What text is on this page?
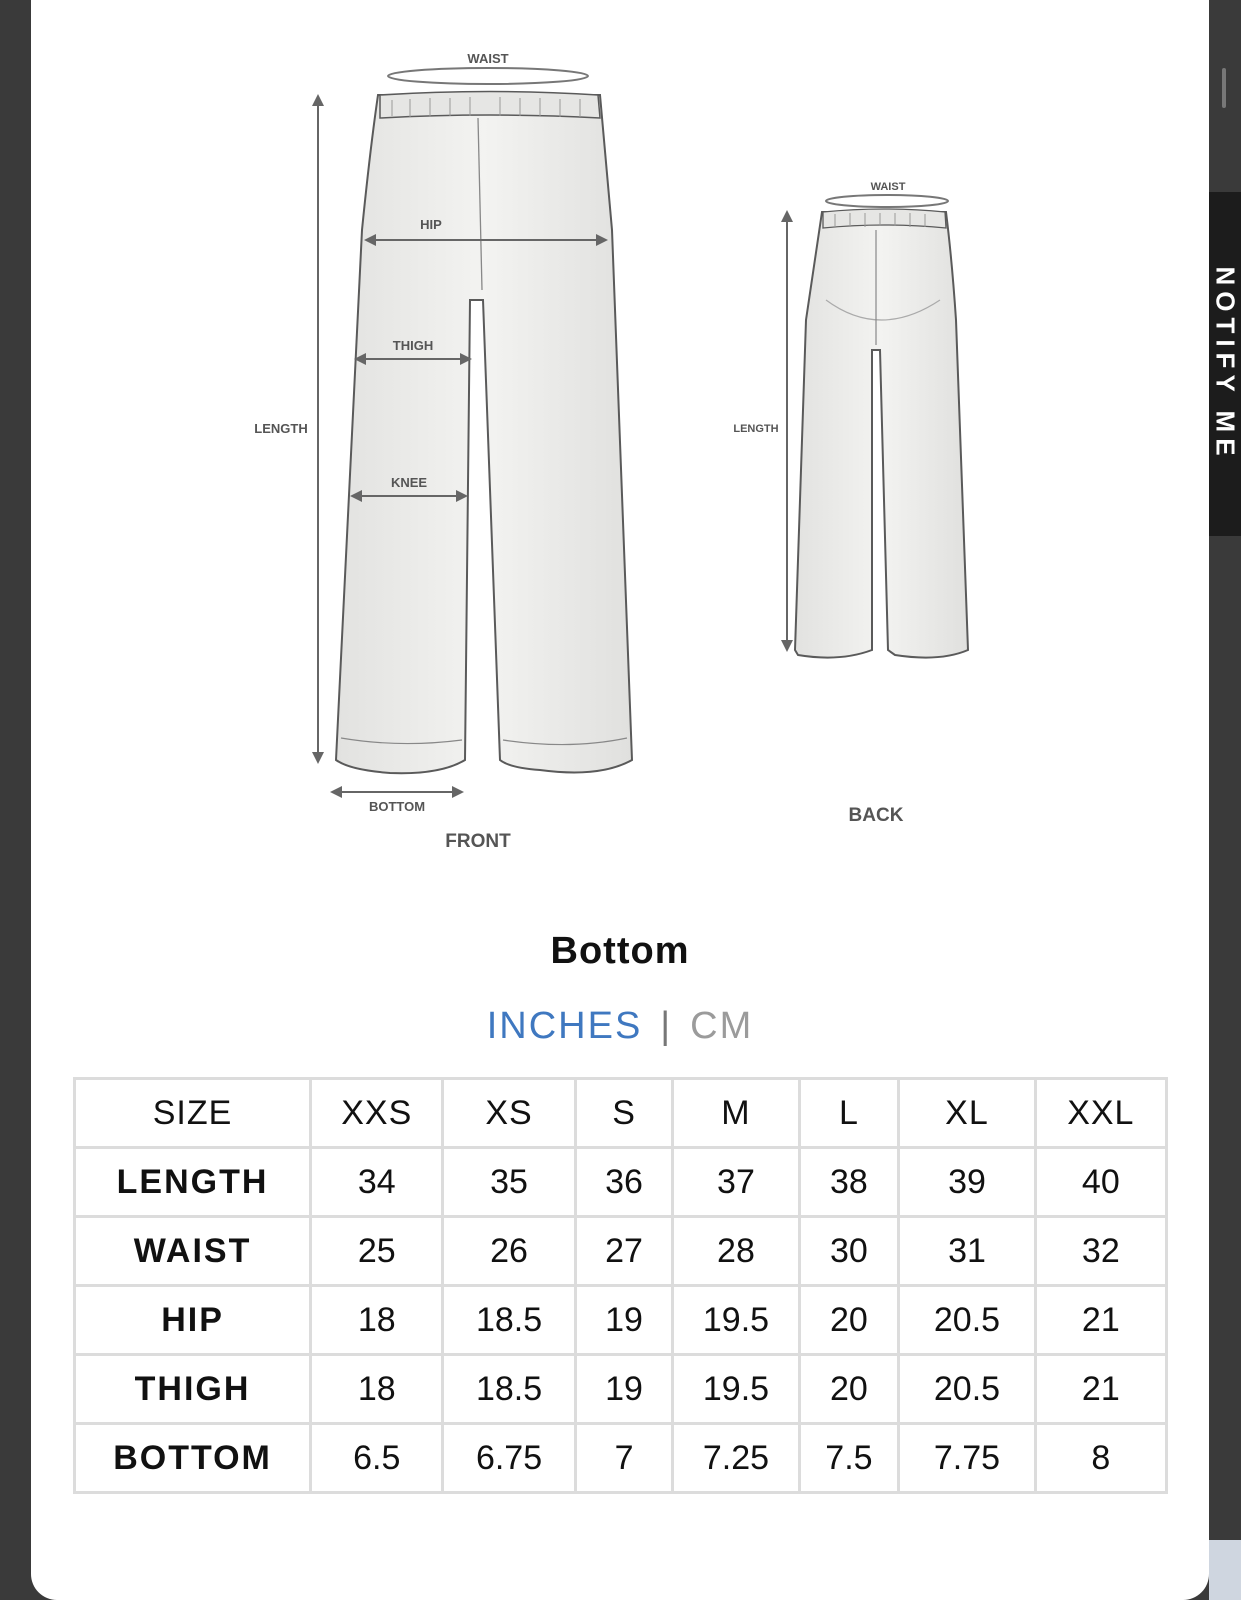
NOTIFY ME
WAIST
HIP
THIGH
KNEE
LENGTH
BOTTOM
FRONT
WAIST
LENGTH
BACK
Bottom
INCHES | CM
SIZE	XXS	XS	S	M	L	XL	XXL
LENGTH	34	35	36	37	38	39	40
WAIST	25	26	27	28	30	31	32
HIP	18	18.5	19	19.5	20	20.5	21
THIGH	18	18.5	19	19.5	20	20.5	21
BOTTOM	6.5	6.75	7	7.25	7.5	7.75	8
